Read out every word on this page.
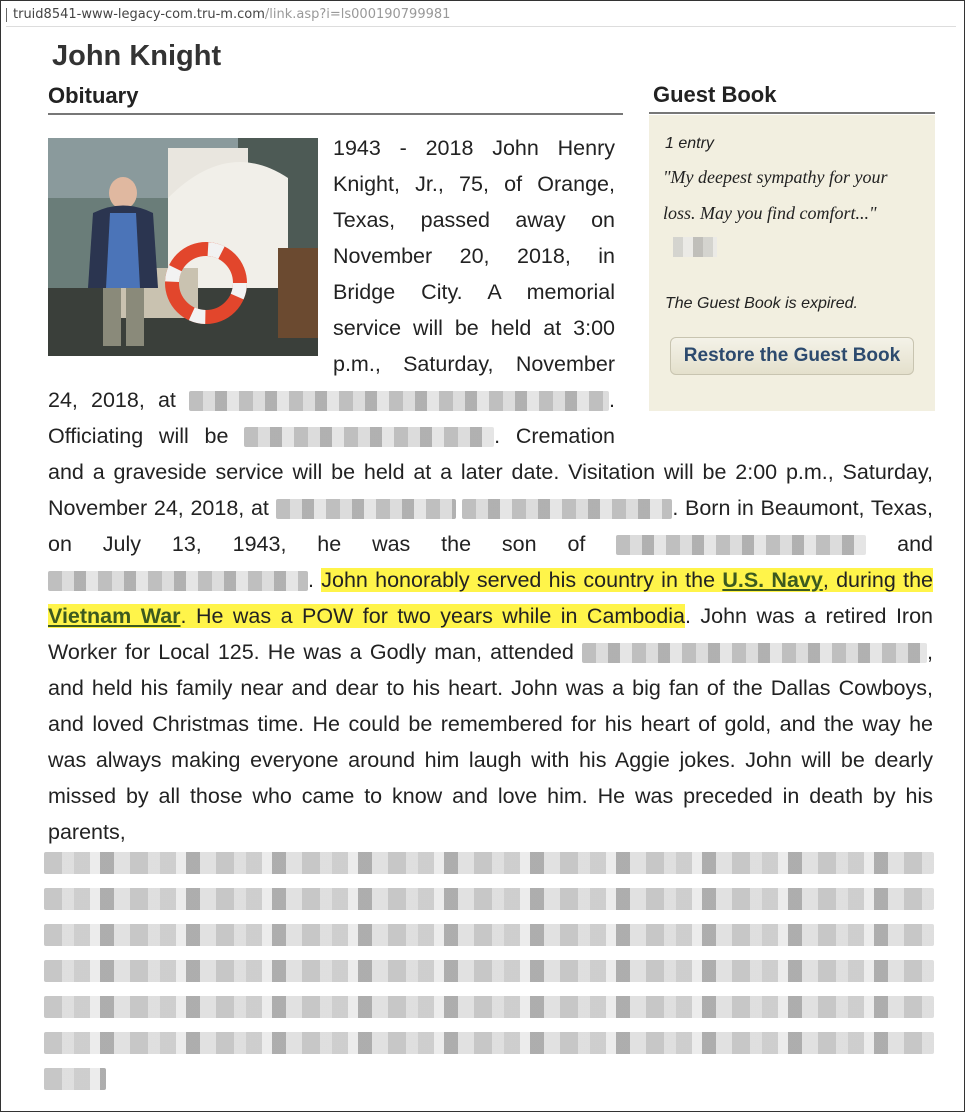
truid8541-www-legacy-com.tru-m.com/link.asp?i=ls000190799981
John Knight
Obituary	Guest Book
1943 - 2018 John Henry Knight, Jr., 75, of Orange, Texas, passed away on November 20, 2018, in Bridge City. A memorial service will be held at 3:00 p.m., Saturday, November 24, 2018, at	. Officiating will be	. Cremation and a graveside service will be held at a later date. Visitation will be 2:00 p.m., Saturday, November 24, 2018, at	. Born in Beaumont, Texas, on July 13, 1943, he was the son of	and . John honorably served his country in the U.S. Navy, during the Vietnam War. He was a POW for two years while in Cambodia. John was a retired Iron Worker for Local 125. He was a Godly man, attended	, and held his family near and dear to his heart. John was a big fan of the Dallas Cowboys, and loved Christmas time. He could be remembered for his heart of gold, and the way he was always making everyone around him laugh with his Aggie jokes. John will be dearly missed by all those who came to know and love him. He was preceded in death by his parents,

1 entry

"My deepest sympathy for your loss. May you find comfort..."

The Guest Book is expired.

Restore the Guest Book
